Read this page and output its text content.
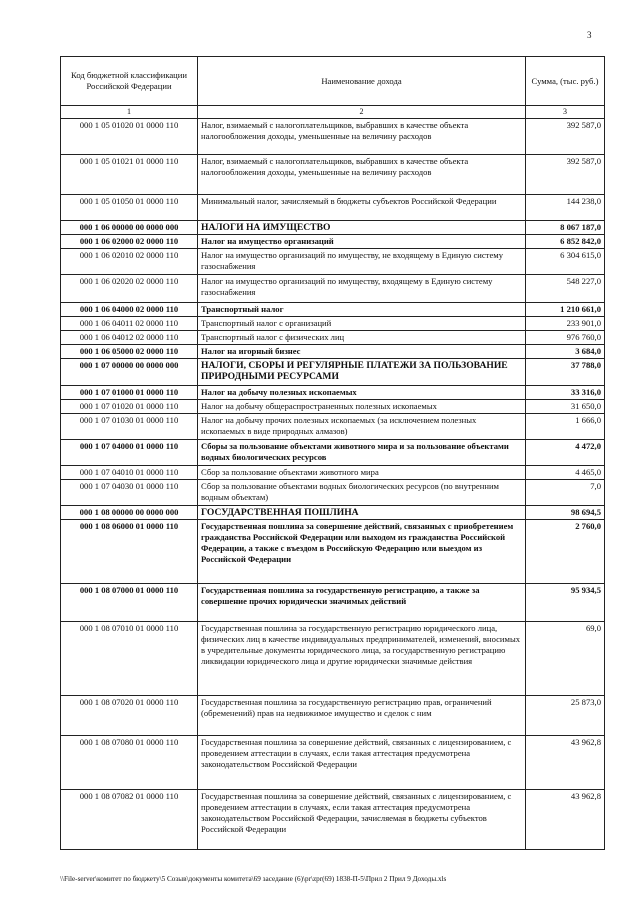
3
Код бюджетной классификации Российской Федерации	Наименование дохода	Сумма, (тыс. руб.)
1	2	3
000 1 05 01020 01 0000 110	Налог, взимаемый с налогоплательщиков, выбравших в качестве объекта налогообложения доходы, уменьшенные на величину расходов	392 587,0
000 1 05 01021 01 0000 110	Налог, взимаемый с налогоплательщиков, выбравших в качестве объекта налогообложения доходы, уменьшенные на величину расходов	392 587,0
000 1 05 01050 01 0000 110	Минимальный налог, зачисляемый в бюджеты субъектов Российской Федерации	144 238,0
000 1 06 00000 00 0000 000	НАЛОГИ НА ИМУЩЕСТВО	8 067 187,0
000 1 06 02000 02 0000 110	Налог на имущество организаций	6 852 842,0
000 1 06 02010 02 0000 110	Налог на имущество организаций по имуществу, не входящему в Единую систему газоснабжения	6 304 615,0
000 1 06 02020 02 0000 110	Налог на имущество организаций по имуществу, входящему в Единую систему газоснабжения	548 227,0
000 1 06 04000 02 0000 110	Транспортный налог	1 210 661,0
000 1 06 04011 02 0000 110	Транспортный налог с организаций	233 901,0
000 1 06 04012 02 0000 110	Транспортный налог с физических лиц	976 760,0
000 1 06 05000 02 0000 110	Налог на игорный бизнес	3 684,0
000 1 07 00000 00 0000 000	НАЛОГИ, СБОРЫ И РЕГУЛЯРНЫЕ ПЛАТЕЖИ ЗА ПОЛЬЗОВАНИЕ ПРИРОДНЫМИ РЕСУРСАМИ	37 788,0
000 1 07 01000 01 0000 110	Налог на добычу полезных ископаемых	33 316,0
000 1 07 01020 01 0000 110	Налог на добычу общераспространенных полезных ископаемых	31 650,0
000 1 07 01030 01 0000 110	Налог на добычу прочих полезных ископаемых (за исключением полезных ископаемых в виде природных алмазов)	1 666,0
000 1 07 04000 01 0000 110	Сборы за пользование объектами животного мира и за пользование объектами водных биологических ресурсов	4 472,0
000 1 07 04010 01 0000 110	Сбор за пользование объектами животного мира	4 465,0
000 1 07 04030 01 0000 110	Сбор за пользование объектами водных биологических ресурсов (по внутренним водным объектам)	7,0
000 1 08 00000 00 0000 000	ГОСУДАРСТВЕННАЯ ПОШЛИНА	98 694,5
000 1 08 06000 01 0000 110	Государственная пошлина за совершение действий, связанных с приобретением гражданства Российской Федерации или выходом из гражданства Российской Федерации, а также с въездом в Российскую Федерацию или выездом из Российской Федерации	2 760,0
000 1 08 07000 01 0000 110	Государственная пошлина за государственную регистрацию, а также за совершение прочих юридически значимых действий	95 934,5
000 1 08 07010 01 0000 110	Государственная пошлина за государственную регистрацию юридического лица, физических лиц в качестве индивидуальных предпринимателей, изменений, вносимых в учредительные документы юридического лица, за государственную регистрацию ликвидации юридического лица и другие юридически значимые действия	69,0
000 1 08 07020 01 0000 110	Государственная пошлина за государственную регистрацию прав, ограничений (обременений) прав на недвижимое имущество и сделок с ним	25 873,0
000 1 08 07080 01 0000 110	Государственная пошлина за совершение действий, связанных с лицензированием, с проведением аттестации в случаях, если такая аттестация предусмотрена законодательством Российской Федерации	43 962,8
000 1 08 07082 01 0000 110	Государственная пошлина за совершение действий, связанных с лицензированием, с проведением аттестации в случаях, если такая аттестация предусмотрена законодательством Российской Федерации, зачисляемая в бюджеты субъектов Российской Федерации	43 962,8
\\File-server\комитет по бюджету\5 Созыв\документы комитета\69 заседание (6)\pr\zpr(69) 1838-П-5\Прил 2 Прил 9 Доходы.xls
